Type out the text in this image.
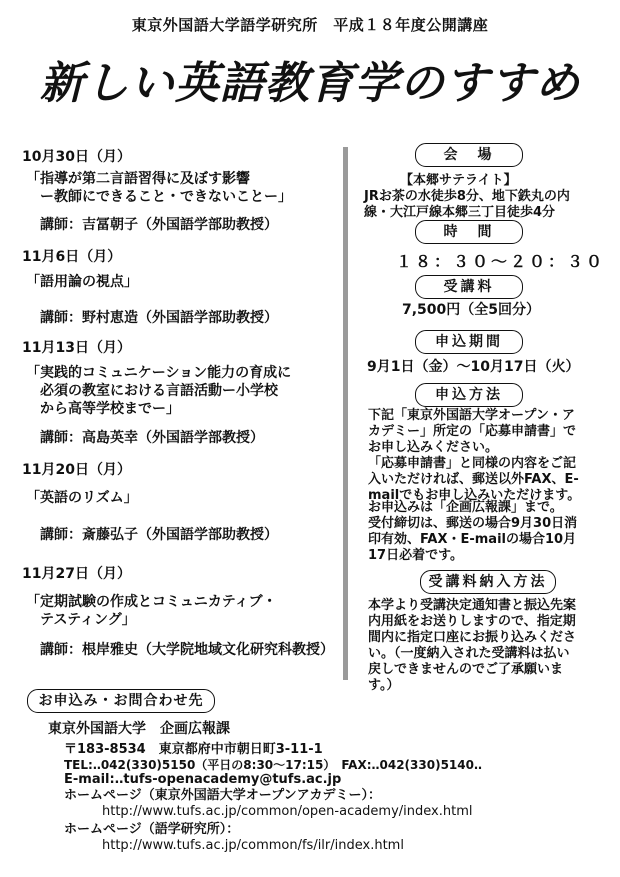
東京外国語大学語学研究所　平成１８年度公開講座
新しい英語教育学のすすめ
10月30日（月）
「指導が第二言語習得に及ぼす影響
　ー教師にできること・できないことー」
講師：吉冨朝子（外国語学部助教授）
11月6日（月）
「語用論の視点」
講師：野村恵造（外国語学部助教授）
11月13日（月）
「実践的コミュニケーション能力の育成に
　必須の教室における言語活動ー小学校
　から高等学校までー」
講師：高島英幸（外国語学部教授）
11月20日（月）
「英語のリズム」
講師：斎藤弘子（外国語学部助教授）
11月27日（月）
「定期試験の作成とコミュニカティブ・
　テスティング」
講師：根岸雅史（大学院地域文化研究科教授）
会　場
【本郷サテライト】
JRお茶の水徒歩8分、地下鉄丸の内
線・大江戸線本郷三丁目徒歩4分
時　間
１８：３０～２０：３０
受講料
7,500円（全5回分）
申込期間
9月1日（金）～10月17日（火）
申込方法
下記「東京外国語大学オープン・ア
カデミー」所定の「応募申請書」で
お申し込みください。
「応募申請書」と同様の内容をご記
入いただければ、郵送以外FAX、E-
mailでもお申し込みいただけます。
お申込みは「企画広報課」まで。
受付締切は、郵送の場合9月30日消
印有効、FAX・E-mailの場合10月
17日必着です。
受講料納入方法
本学より受講決定通知書と振込先案
内用紙をお送りしますので、指定期
間内に指定口座にお振り込みくださ
い。（一度納入された受講料は払い
戻しできませんのでご了承願いま
す。）
お申込み・お問合わせ先
東京外国語大学　企画広報課
〒183-8534　東京都府中市朝日町3-11-1
TEL:‥042(330)5150（平日の8:30～17:15）　FAX:‥042(330)5140‥
E-mail:‥tufs-openacademy@tufs.ac.jp
ホームページ（東京外国語大学オープンアカデミー）：
http://www.tufs.ac.jp/common/open-academy/index.html
ホームページ（語学研究所）：
http://www.tufs.ac.jp/common/fs/ilr/index.html
